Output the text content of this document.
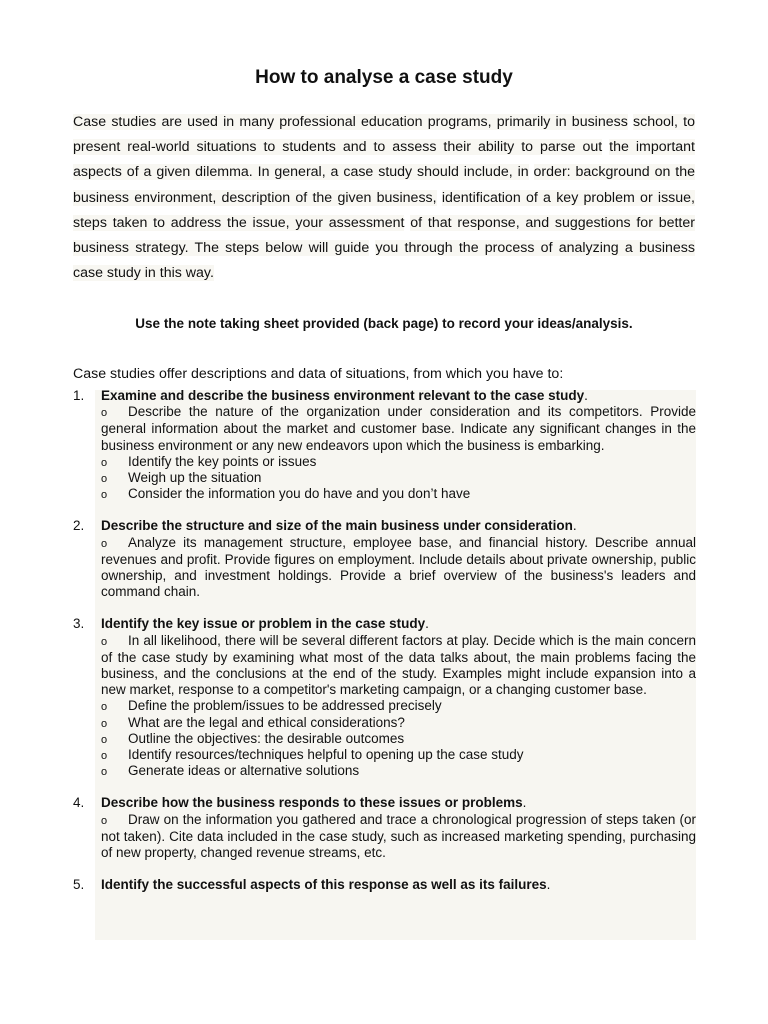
How to analyse a case study
Case studies are used in many professional education programs, primarily in business school, to present real-world situations to students and to assess their ability to parse out the important aspects of a given dilemma. In general, a case study should include, in order: background on the business environment, description of the given business, identification of a key problem or issue, steps taken to address the issue, your assessment of that response, and suggestions for better business strategy. The steps below will guide you through the process of analyzing a business case study in this way.
Use the note taking sheet provided (back page) to record your ideas/analysis.
Case studies offer descriptions and data of situations, from which you have to:
1. Examine and describe the business environment relevant to the case study.
o Describe the nature of the organization under consideration and its competitors. Provide general information about the market and customer base. Indicate any significant changes in the business environment or any new endeavors upon which the business is embarking.
o Identify the key points or issues
o Weigh up the situation
o Consider the information you do have and you don’t have
2. Describe the structure and size of the main business under consideration.
o Analyze its management structure, employee base, and financial history. Describe annual revenues and profit. Provide figures on employment. Include details about private ownership, public ownership, and investment holdings. Provide a brief overview of the business's leaders and command chain.
3. Identify the key issue or problem in the case study.
o In all likelihood, there will be several different factors at play. Decide which is the main concern of the case study by examining what most of the data talks about, the main problems facing the business, and the conclusions at the end of the study. Examples might include expansion into a new market, response to a competitor's marketing campaign, or a changing customer base.
o Define the problem/issues to be addressed precisely
o What are the legal and ethical considerations?
o Outline the objectives: the desirable outcomes
o Identify resources/techniques helpful to opening up the case study
o Generate ideas or alternative solutions
4. Describe how the business responds to these issues or problems.
o Draw on the information you gathered and trace a chronological progression of steps taken (or not taken). Cite data included in the case study, such as increased marketing spending, purchasing of new property, changed revenue streams, etc.
5. Identify the successful aspects of this response as well as its failures.
